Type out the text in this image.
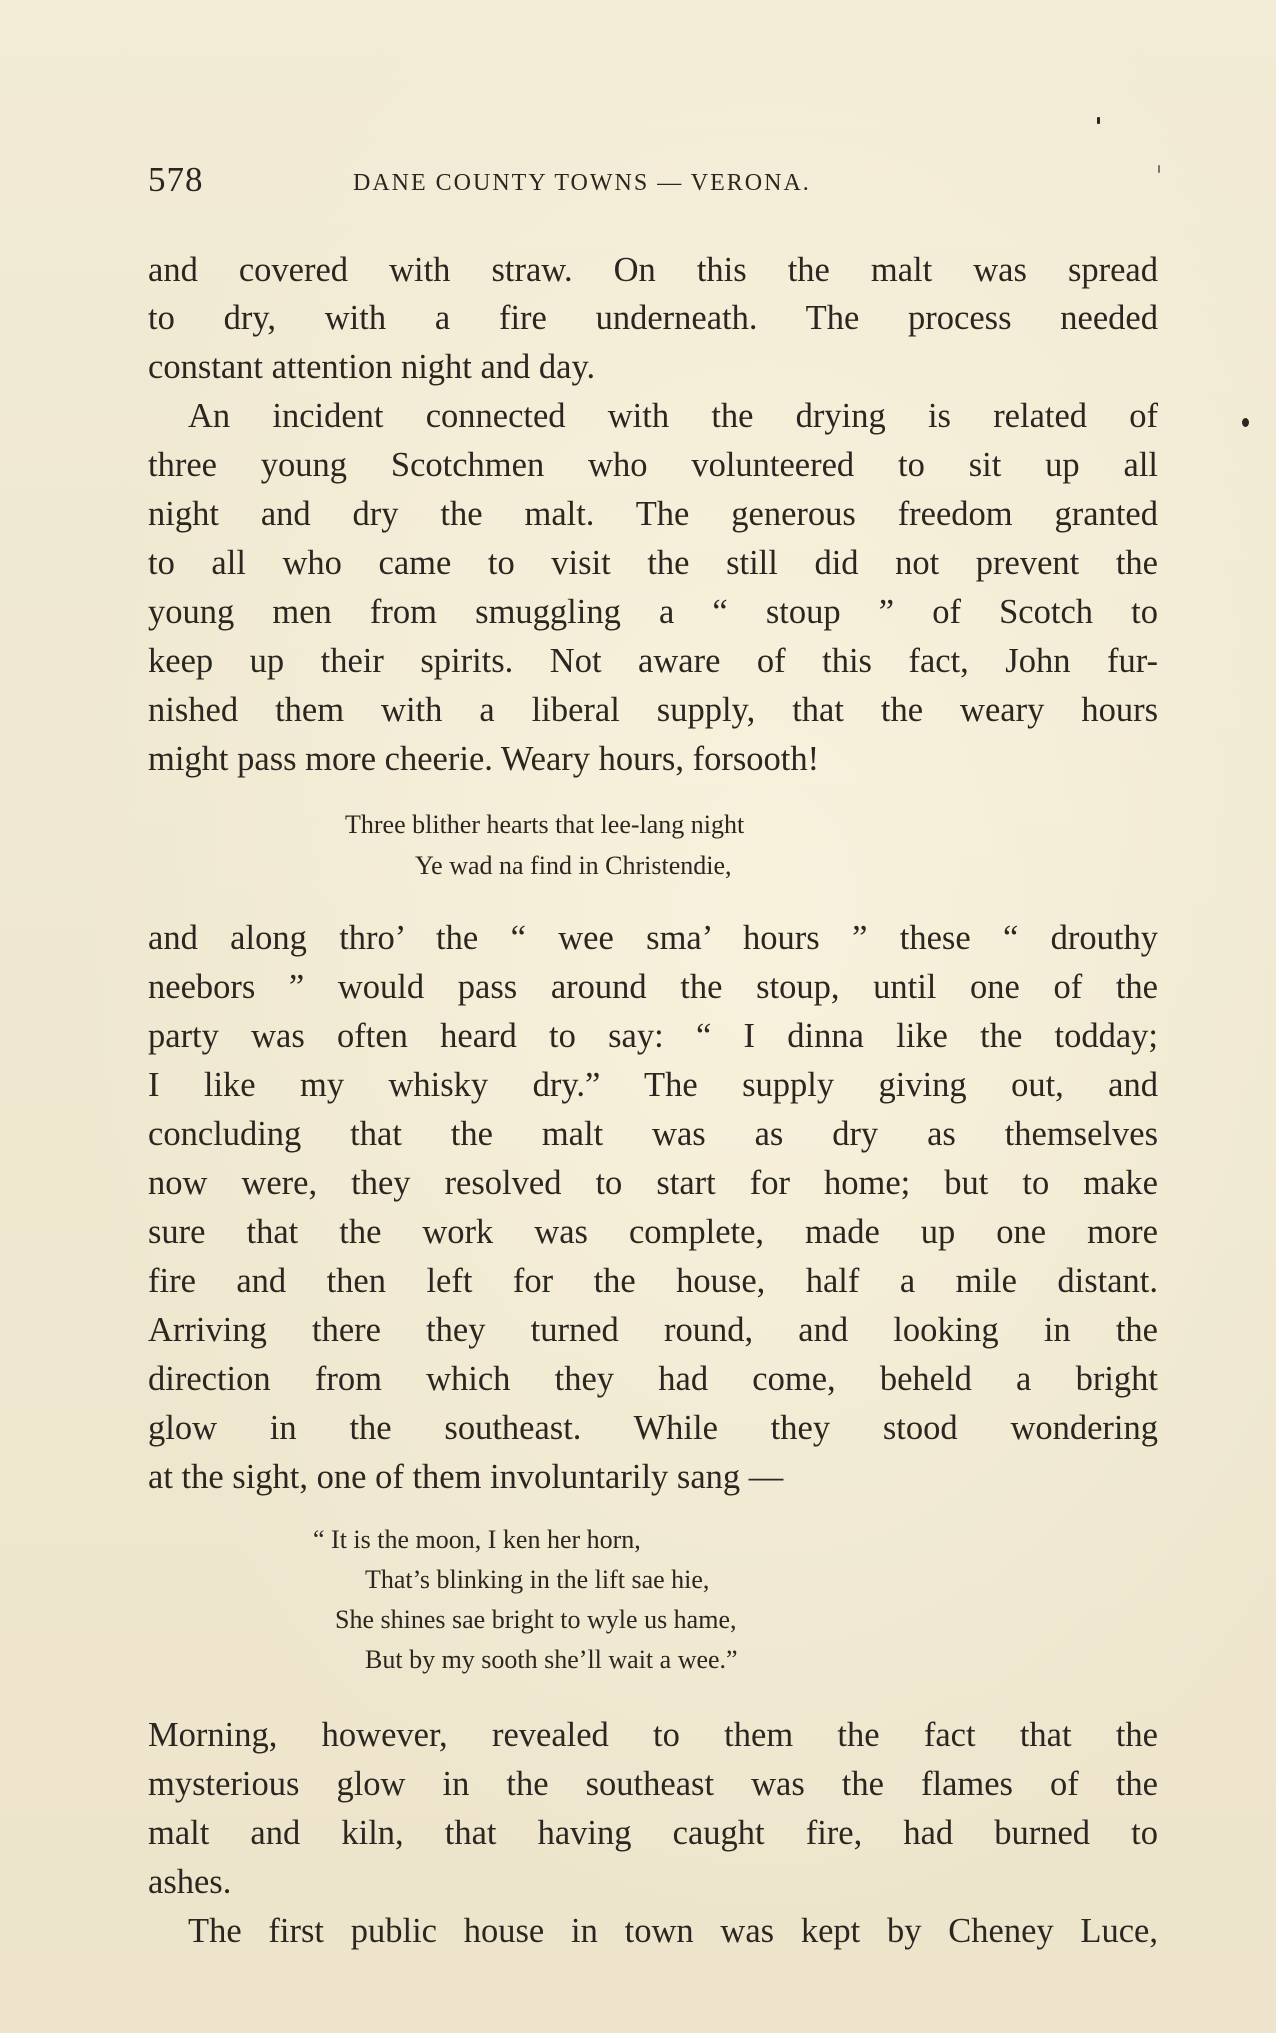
578	DANE COUNTY TOWNS — VERONA.
and covered with straw. On this the malt was spread
to dry, with a fire underneath. The process needed
constant attention night and day.
An incident connected with the drying is related of
three young Scotchmen who volunteered to sit up all
night and dry the malt. The generous freedom granted
to all who came to visit the still did not prevent the
young men from smuggling a “ stoup ” of Scotch to
keep up their spirits. Not aware of this fact, John fur-
nished them with a liberal supply, that the weary hours
might pass more cheerie. Weary hours, forsooth!
Three blither hearts that lee-lang night
Ye wad na find in Christendie,
and along thro’ the “ wee sma’ hours ” these “ drouthy
neebors ” would pass around the stoup, until one of the
party was often heard to say: “ I dinna like the todday;
I like my whisky dry.” The supply giving out, and
concluding that the malt was as dry as themselves
now were, they resolved to start for home; but to make
sure that the work was complete, made up one more
fire and then left for the house, half a mile distant.
Arriving there they turned round, and looking in the
direction from which they had come, beheld a bright
glow in the southeast. While they stood wondering
at the sight, one of them involuntarily sang —
“ It is the moon, I ken her horn,
That’s blinking in the lift sae hie,
She shines sae bright to wyle us hame,
But by my sooth she’ll wait a wee.”
Morning, however, revealed to them the fact that the
mysterious glow in the southeast was the flames of the
malt and kiln, that having caught fire, had burned to
ashes.
The first public house in town was kept by Cheney Luce,
